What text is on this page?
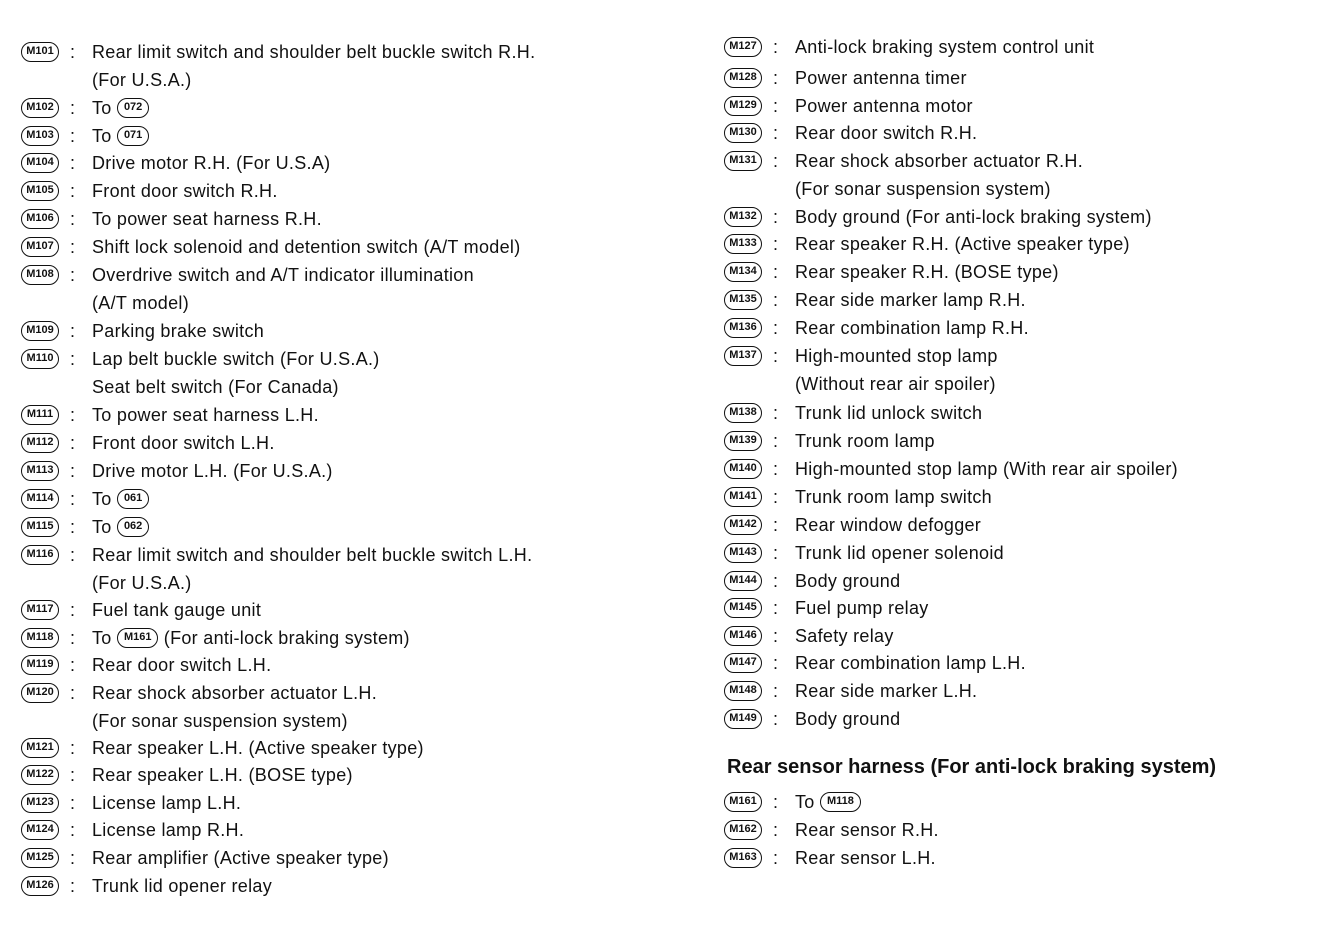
M101 : Rear limit switch and shoulder belt buckle switch R.H.
(For U.S.A.)
M102 : To 072
M103 : To 071
M104 : Drive motor R.H. (For U.S.A)
M105 : Front door switch R.H.
M106 : To power seat harness R.H.
M107 : Shift lock solenoid and detention switch (A/T model)
M108 : Overdrive switch and A/T indicator illumination
(A/T model)
M109 : Parking brake switch
M110 : Lap belt buckle switch (For U.S.A.)
Seat belt switch (For Canada)
M111 : To power seat harness L.H.
M112 : Front door switch L.H.
M113 : Drive motor L.H. (For U.S.A.)
M114 : To 061
M115 : To 062
M116 : Rear limit switch and shoulder belt buckle switch L.H.
(For U.S.A.)
M117 : Fuel tank gauge unit
M118 : To M161 (For anti-lock braking system)
M119 : Rear door switch L.H.
M120 : Rear shock absorber actuator L.H.
(For sonar suspension system)
M121 : Rear speaker L.H. (Active speaker type)
M122 : Rear speaker L.H. (BOSE type)
M123 : License lamp L.H.
M124 : License lamp R.H.
M125 : Rear amplifier (Active speaker type)
M126 : Trunk lid opener relay
M127 : Anti-lock braking system control unit
M128 : Power antenna timer
M129 : Power antenna motor
M130 : Rear door switch R.H.
M131 : Rear shock absorber actuator R.H.
(For sonar suspension system)
M132 : Body ground (For anti-lock braking system)
M133 : Rear speaker R.H. (Active speaker type)
M134 : Rear speaker R.H. (BOSE type)
M135 : Rear side marker lamp R.H.
M136 : Rear combination lamp R.H.
M137 : High-mounted stop lamp
(Without rear air spoiler)
M138 : Trunk lid unlock switch
M139 : Trunk room lamp
M140 : High-mounted stop lamp (With rear air spoiler)
M141 : Trunk room lamp switch
M142 : Rear window defogger
M143 : Trunk lid opener solenoid
M144 : Body ground
M145 : Fuel pump relay
M146 : Safety relay
M147 : Rear combination lamp L.H.
M148 : Rear side marker L.H.
M149 : Body ground
M161 : To M118
M162 : Rear sensor R.H.
M163 : Rear sensor L.H.
Rear sensor harness (For anti-lock braking system)
